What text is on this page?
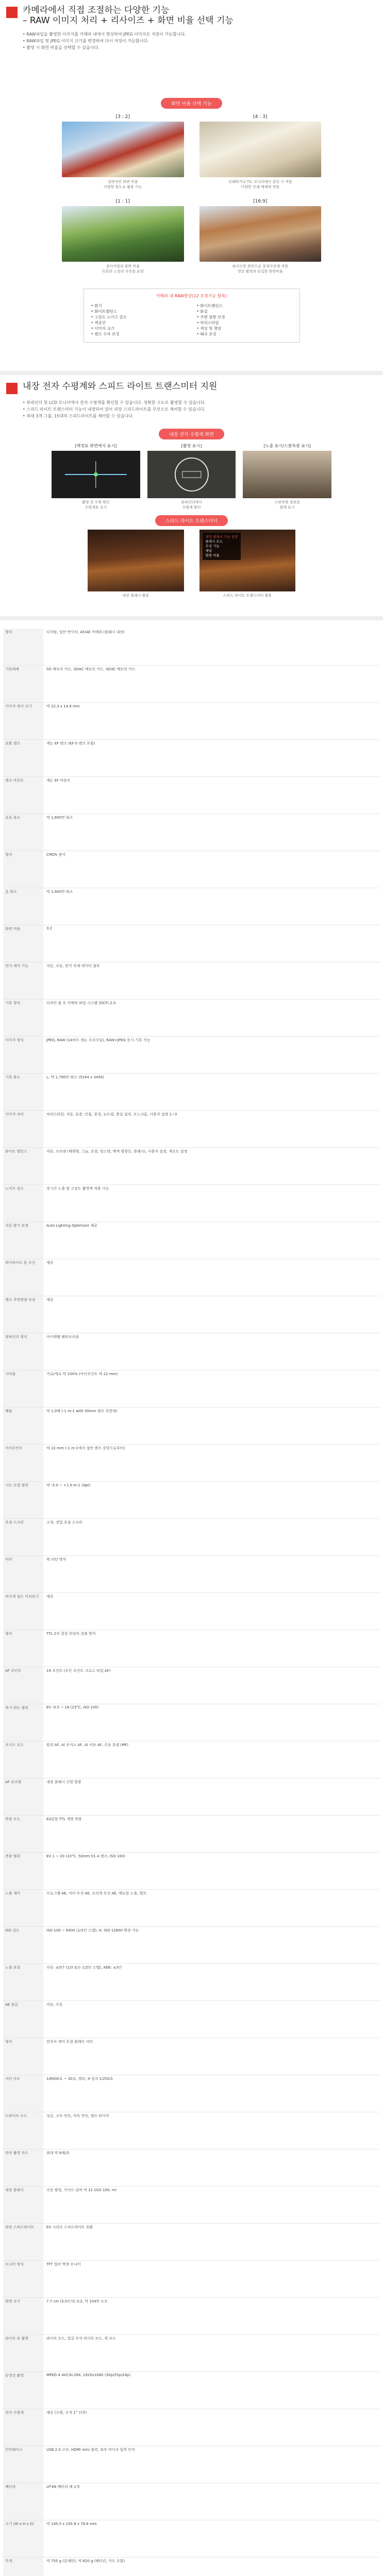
카메라에서 직접 조절하는 다양한 기능
– RAW 이미지 처리 + 리사이즈 + 화면 비율 선택 기능

• RAW파일을 촬영한 이미지를 카메라 내에서 현상하여 JPEG 이미지로 저장이 가능합니다.

• RAW파일 및 JPEG 이미지 크기를 변경하여 다시 저장이 가능합니다.

• 촬영 시 화면 비율을 선택할 수 있습니다.

화면 비율 선택 기능
[3 : 2]
일반적인 화면 비율
다양한 용도로 활용 가능
[4 : 3]
인쇄하거나 TV, 모니터에서 감상 시 적합
다양한 인쇄 매체에 적합
[1 : 1]
정사각형의 화면 비율
독특한 느낌의 사진을 표현
[16:9]
와이드한 화면으로 풍경사진에 적합
영상 촬영과 동일한 화면비율
카메라 내 RAW현상(12 조정기능 항목)
• 밝기
• 화이트밸런스
• 고감도 노이즈 감소
• 색공간
• 이미지 크기
• 렌즈 수차 보정
• 화이트밸런스
• 화질
• 주변 광량 보정
• 픽쳐스타일
• 색상 및 명암
• 왜곡 보정
내장 전자 수평계와 스피드 라이트 트랜스미터 지원

• 뷰파인더 및 LCD 모니터에서 전자 수평계를 확인할 수 있습니다. 정확한 구도로 촬영할 수 있습니다.

• 스피드 라이트 트랜스미터 기능이 내장되어 있어 외장 스피드라이트를 무선으로 제어할 수 있습니다.

• 최대 3개 그룹, 15대의 스피드라이트를 제어할 수 있습니다.

내장 전자 수평계 화면
[액정표 화면에서 표시]
촬영 전 수평 확인
수평계를 표시
[촬영 표시]
뷰파인더에서
수평계 확인
[노출 표시/스팟측광 표시]
스팟측광 정보를
함께 표시
스피드 라이트 트랜스미터
내장 플래시 활용
내장 플래시 기능 설정
플래시 모드
무선 기능
채널
발광 비율
스피드 라이트 트랜스미터 활용
형식	디지털, 일안 반사식, AF/AE 카메라 (플래시 내장)
기록매체	SD 메모리 카드, SDHC 메모리 카드, SDXC 메모리 카드
이미지 센서 크기	약 22.3 x 14.9 mm
호환 렌즈	캐논 EF 렌즈 (EF-S 렌즈 포함)
렌즈 마운트	캐논 EF 마운트
유효 화소	약 1,800만 화소
형식	CMOS 센서
총 화소	약 1,900만 화소
화면 비율	3:2
먼지 제거 기능	자동, 수동, 먼지 삭제 데이터 첨부
기록 형식	디자인 룰 포 카메라 파일 시스템 (DCF) 2.0
이미지 형식	JPEG, RAW (14비트 캐논 오리지널), RAW+JPEG 동시 기록 가능
기록 화소	L: 약 1,790만 화소 (5184 x 3456)
이미지 처리	픽쳐스타일: 자동, 표준, 인물, 풍경, 뉴트럴, 충실 설정, 모노크롬, 사용자 설정 1~3
화이트 밸런스	자동, 프리셋 (태양광, 그늘, 흐림, 텅스텐, 백색 형광등, 플래시), 사용자 설정, 색온도 설정
노이즈 감소	장시간 노출 및 고감도 촬영에 적용 가능
자동 밝기 보정	Auto Lighting Optimizer 제공
하이라이트 톤 우선	제공
렌즈 주변광량 보정	제공
뷰파인더 형식	아이레벨 펜타프리즘
시야율	가로/세로 약 100% (아이포인트 약 22 mm)
배율	약 1.0배 (-1 m-1 with 50mm 렌즈 무한대)
아이포인트	약 22 mm (-1 m-1에서 접안 렌즈 중앙으로부터)
시도 조절 범위	약 -3.0 ~ +1.0 m-1 (dpt)
초점 스크린	고정, 정밀 초점 스크린
미러	퀵 리턴 방식
피사계 심도 미리보기	제공
형식	TTL 2차 결상 위상차 검출 방식
AF 포인트	19 포인트 (모든 포인트 크로스 타입 AF)
측거 휘도 범위	EV -0.5 ~ 18 (23°C, ISO 100)
포커스 모드	원샷 AF, AI 포커스 AF, AI 서보 AF, 수동 초점 (MF)
AF 보조광	내장 플래시 간헐 발광
측광 모드	63분할 TTL 개방 측광
측광 범위	EV 1 ~ 20 (23°C, 50mm f/1.4 렌즈, ISO 100)
노출 제어	프로그램 AE, 셔터 우선 AE, 조리개 우선 AE, 매뉴얼 노출, 벌브
ISO 감도	ISO 100 ~ 6400 (1/3단 스텝), H: ISO 12800 확장 가능
노출 보정	수동: ±5단 (1/3 또는 1/2단 스텝), AEB: ±3단
AE 잠금	자동, 수동
형식	전자식 제어 포컬 플레인 셔터
셔터 속도	1/8000초 ~ 30초, 벌브, X-싱크 1/250초
드라이브 모드	싱글, 고속 연속, 저속 연속, 셀프 타이머
연속 촬영 속도	최대 약 8매/초
내장 플래시	수동 팝업, 가이드 넘버 약 12 (ISO 100, m)
외장 스피드라이트	EX 시리즈 스피드라이트 호환
모니터 형식	TFT 컬러 액정 모니터
화면 크기	7.7 cm (3.0인치) 3:2, 약 104만 도트
라이브 뷰 촬영	라이브 모드, 얼굴 인식 라이브 모드, 퀵 모드
동영상 촬영	MPEG-4 AVC/H.264, 1920x1080 (30p/25p/24p)
전자 수평계	제공 (수평, 수직 1° 단위)
인터페이스	USB 2.0 고속, HDMI mini 출력, 외부 마이크 입력 단자
배터리	LP-E6 배터리 팩 1개
크기 (W x H x D)	약 145.5 x 105.8 x 78.6 mm
무게	약 755 g (본체만), 약 820 g (배터리, 카드 포함)
